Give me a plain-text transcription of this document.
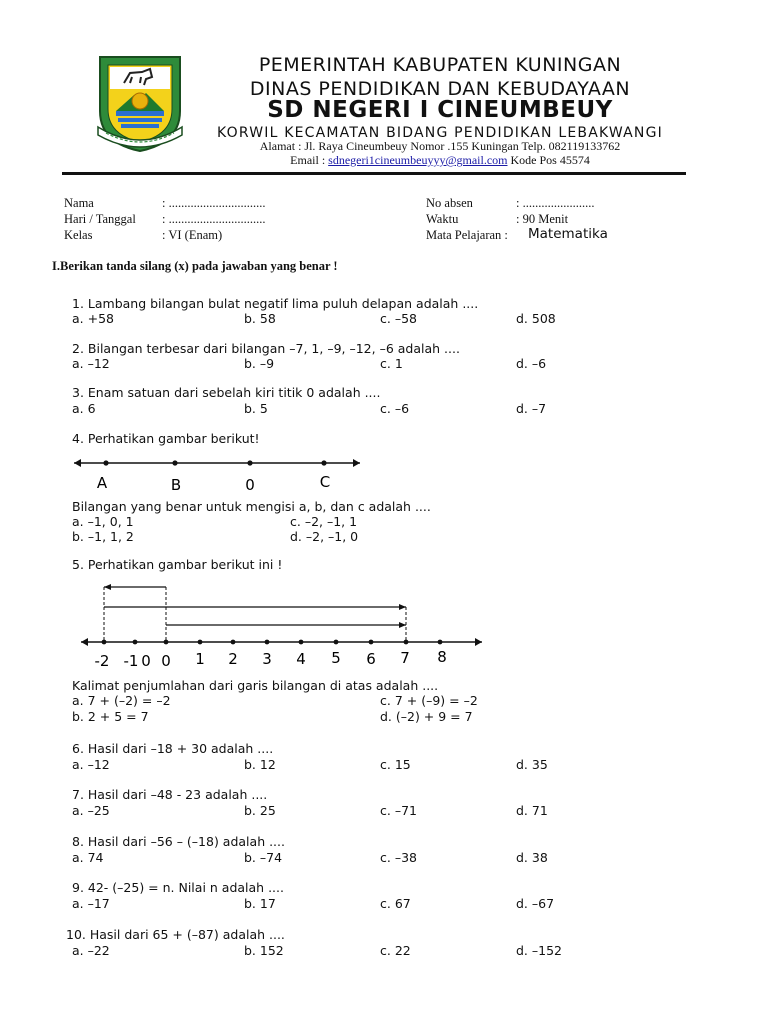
PEMERINTAH KABUPATEN KUNINGAN
DINAS PENDIDIKAN DAN KEBUDAYAAN
SD NEGERI I CINEUMBEUY
KORWIL KECAMATAN BIDANG PENDIDIKAN LEBAKWANGI
Alamat : Jl. Raya Cineumbeuy Nomor .155 Kuningan Telp. 082119133762
Email : sdnegeri1cineumbeuyyy@gmail.com Kode Pos 45574
Nama	: ...............................
Hari / Tanggal : ...............................
Kelas	: VI (Enam)
No absen	: .......................
Waktu	: 90 Menit
Mata Pelajaran : Matematika
I.Berikan tanda silang (x) pada jawaban yang benar !
1. Lambang bilangan bulat negatif lima puluh delapan adalah ....
a. +58	b. 58	c. –58	d. 508
2. Bilangan terbesar dari bilangan –7, 1, –9, –12, –6 adalah ....
a. –12	b. –9	c. 1	d. –6
3. Enam satuan dari sebelah kiri titik 0 adalah ....
a. 6	b. 5	c. –6	d. –7
4. Perhatikan gambar berikut!
A	B	0	C
Bilangan yang benar untuk mengisi a, b, dan c adalah ....
a. –1, 0, 1	c. –2, –1, 1
b. –1, 1, 2	d. –2, –1, 0
5. Perhatikan gambar berikut ini !
-2 -1 0 0 1 2 3 4 5 6 7 8
Kalimat penjumlahan dari garis bilangan di atas adalah ....
a. 7 + (–2) = –2	c. 7 + (–9) = –2
b. 2 + 5 = 7	d. (–2) + 9 = 7
6. Hasil dari –18 + 30 adalah ....
a. –12	b. 12	c. 15	d. 35
7. Hasil dari –48 - 23 adalah ....
a. –25	b. 25	c. –71	d. 71
8. Hasil dari –56 – (–18) adalah ....
a. 74	b. –74	c. –38	d. 38
9. 42- (–25) = n. Nilai n adalah ....
a. –17	b. 17	c. 67	d. –67
10. Hasil dari 65 + (–87) adalah ....
a. –22	b. 152	c. 22	d. –152
